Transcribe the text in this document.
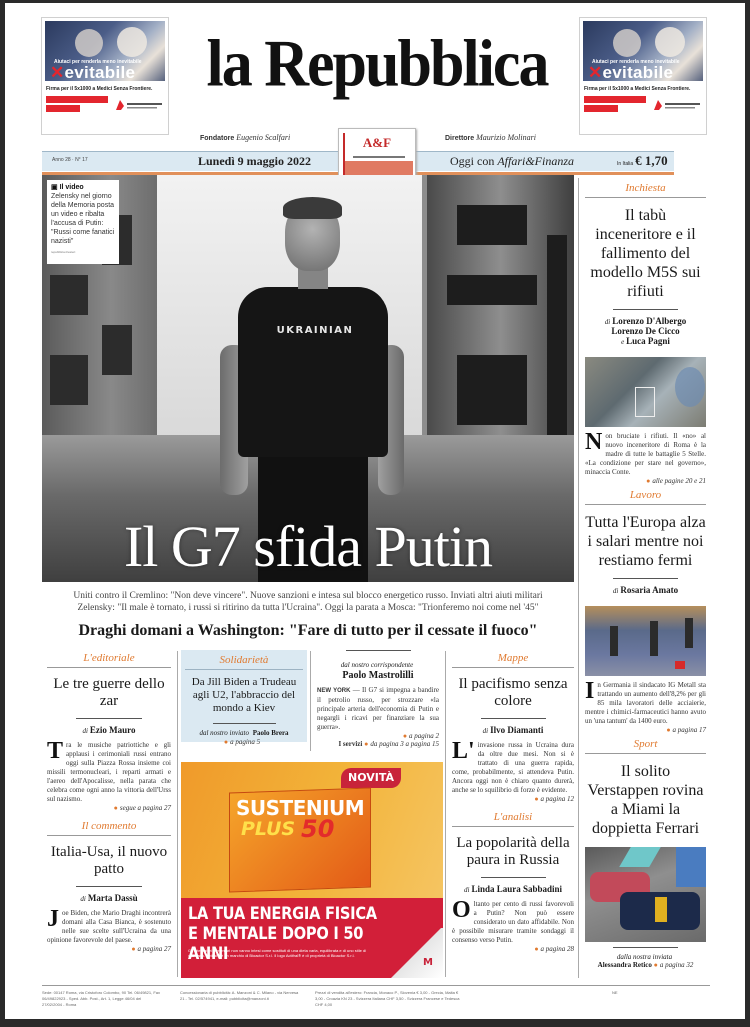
Aiutaci per renderla meno inevitabile
✕evitabile
Firma per il 5x1000 a Medici Senza Frontiere.
Aiutaci per renderla meno inevitabile
✕evitabile
Firma per il 5x1000 a Medici Senza Frontiere.
la Repubblica
Fondatore Eugenio Scalfari	Direttore Maurizio Molinari
Anno 28 · N° 17	Lunedì 9 maggio 2022	Oggi con Affari&Finanza	In Italia € 1,70
A&F
UKRAINIAN
▣ Il video
Zelensky nel giorno della Memoria posta un video e ribalta l'accusa di Putin: "Russi come fanatici nazisti"
repubblica.it/esteri
Il G7 sfida Putin
Uniti contro il Cremlino: "Non deve vincere". Nuove sanzioni e intesa sul blocco energetico russo. Inviati altri aiuti militari
Zelensky: "Il male è tornato, i russi si ritirino da tutta l'Ucraina". Oggi la parata a Mosca: "Trionferemo noi come nel '45"
Draghi domani a Washington: "Fare di tutto per il cessate il fuoco"
L'editoriale
Le tre guerre dello zar
di Ezio Mauro
Tra le musiche patriottiche e gli applausi i cerimoniali russi entrano oggi sulla Piazza Rossa insieme coi missili termonucleari, i reparti armati e l'aereo dell'Apocalisse, nella parata che celebra come ogni anno la vittoria dell'Urss sul nazismo.
● segue a pagina 27
Il commento
Italia-Usa, il nuovo patto
di Marta Dassù
Joe Biden, che Mario Draghi incontrerà domani alla Casa Bianca, è sostenuto nelle sue scelte sull'Ucraina da una opinione favorevole del paese.
● a pagina 27
Solidarietà
Da Jill Biden a Trudeau agli U2, l'abbraccio del mondo a Kiev
dal nostro inviato Paolo Brera
● a pagina 5
dal nostro corrispondente
Paolo Mastrolilli
NEW YORK — Il G7 si impegna a bandire il petrolio russo, per strozzare «la principale arteria dell'economia di Putin e negargli i ricavi per finanziare la sua guerra».
● a pagina 2
I servizi ● da pagina 3 a pagina 15
Mappe
Il pacifismo senza colore
di Ilvo Diamanti
L' invasione russa in Ucraina dura da oltre due mesi. Non si è trattato di una guerra rapida, come, probabilmente, si attendeva Putin. Ancora oggi non è chiaro quanto durerà, anche se lo squilibrio di forze è evidente.
● a pagina 12
L'analisi
La popolarità della paura in Russia
di Linda Laura Sabbadini
Oltanto per cento di russi favorevoli a Putin? Non può essere considerato un dato affidabile. Non è possibile misurare tramite sondaggi il consenso verso Putin.
● a pagina 28
NOVITÀ
SUSTENIUM
PLUS 50
LA TUA ENERGIA FISICA
E MENTALE DOPO I 50 ANNI
Gli integratori alimentari non vanno intesi come sostituti di una dieta varia, equilibrata e di uno stile di vita sano. Actifal® è un marchio di Bioactor S.r.l. Il logo Actifral® è di proprietà di Bioactor S.r.l.
M
Inchiesta
Il tabù inceneritore e il fallimento del modello M5S sui rifiuti
di Lorenzo D'Albergo
Lorenzo De Cicco
e Luca Pagni
Non bruciate i rifiuti. Il «no» al nuovo inceneritore di Roma è la madre di tutte le battaglie 5 Stelle. «La condizione per stare nel governo», minaccia Conte.
● alle pagine 20 e 21
Lavoro
Tutta l'Europa alza i salari mentre noi restiamo fermi
di Rosaria Amato
In Germania il sindacato IG Metall sta trattando un aumento dell'8,2% per gli 85 mila lavoratori delle acciaierie, mentre i chimici-farmaceutici hanno avuto un 'una tantum' da 1400 euro.
● a pagina 17
Sport
Il solito Verstappen rovina a Miami la doppietta Ferrari
dalla nostra inviata
Alessandra Retico ● a pagina 32
Sede: 00147 Roma, via Cristoforo Colombo, 90 Tel. 06/49821, Fax 06/49822923 - Sped. Abb. Post., Art. 1, Legge 46/04 del 27/02/2004 - Roma
Concessionaria di pubblicità: A. Manzoni & C. Milano - via Nervesa 21 - Tel. 02/574941, e-mail: pubblicita@manzoni.it
Prezzi di vendita all'estero: Francia, Monaco P., Slovenia € 3,00 - Grecia, Malta € 3,00 - Croazia KN 23 - Svizzera Italiana CHF 3,50 - Svizzera Francese e Tedesca CHF 4,00
NE
